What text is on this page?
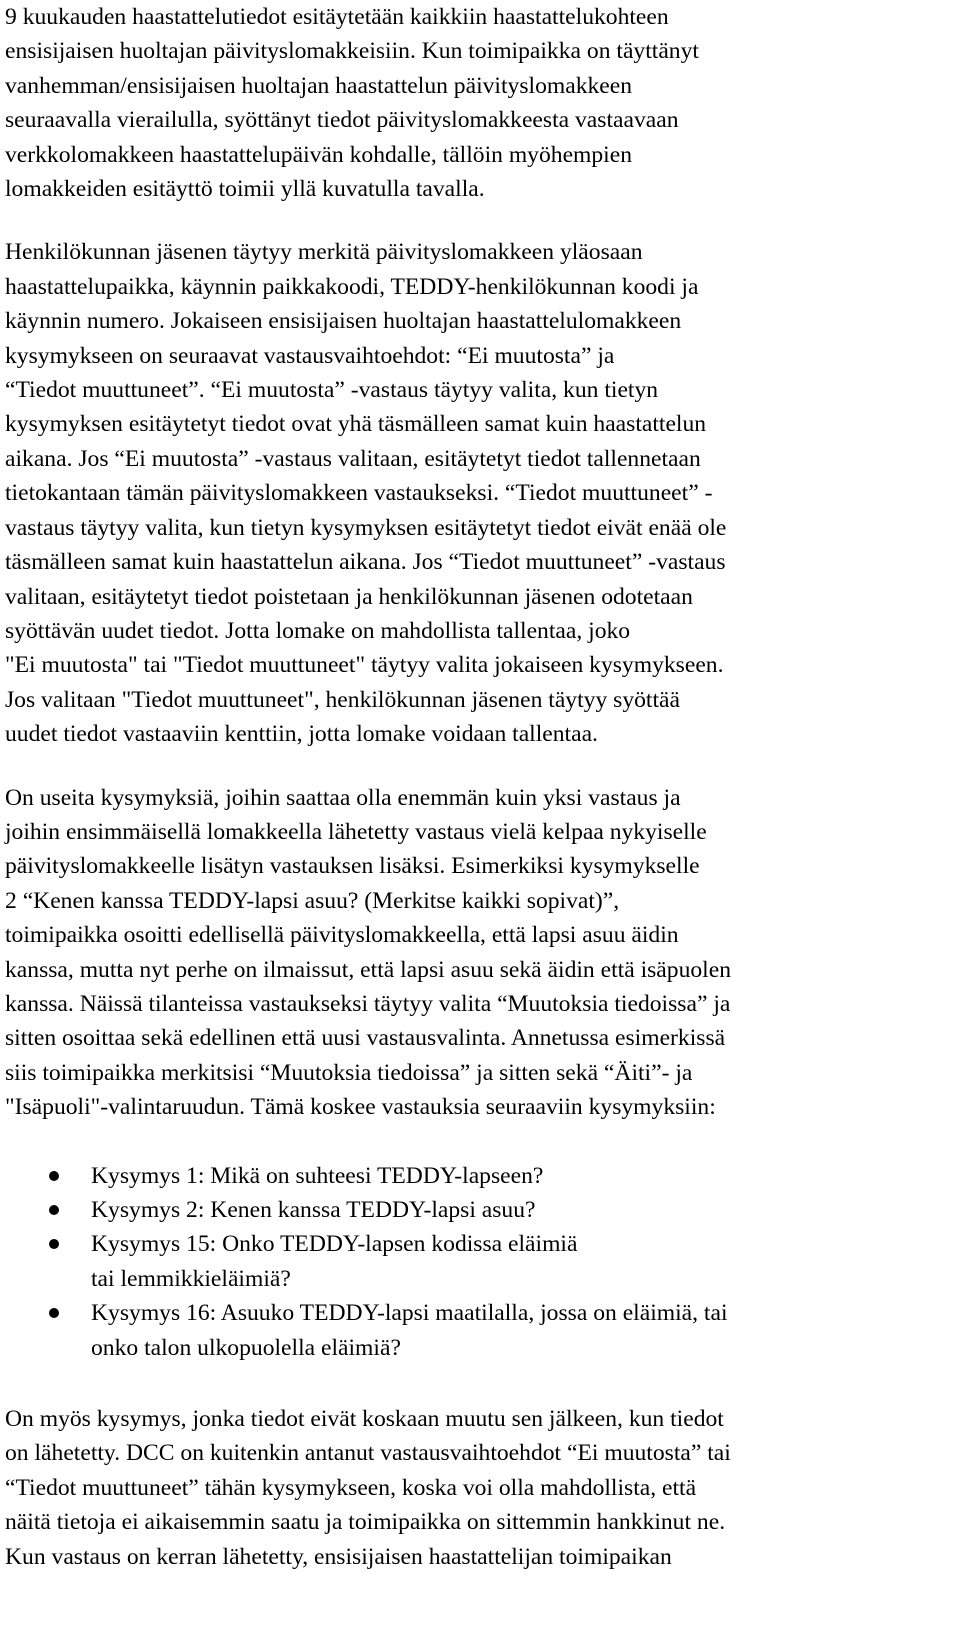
9 kuukauden haastattelutiedot esitäytetään kaikkiin haastattelukohteen
ensisijaisen huoltajan päivityslomakkeisiin. Kun toimipaikka on täyttänyt
vanhemman/ensisijaisen huoltajan haastattelun päivityslomakkeen
seuraavalla vierailulla, syöttänyt tiedot päivityslomakkeesta vastaavaan
verkkolomakkeen haastattelupäivän kohdalle, tällöin myöhempien
lomakkeiden esitäyttö toimii yllä kuvatulla tavalla.

Henkilökunnan jäsenen täytyy merkitä päivityslomakkeen yläosaan
haastattelupaikka, käynnin paikkakoodi, TEDDY-henkilökunnan koodi ja
käynnin numero. Jokaiseen ensisijaisen huoltajan haastattelulomakkeen
kysymykseen on seuraavat vastausvaihtoehdot: “Ei muutosta” ja
“Tiedot muuttuneet”. “Ei muutosta” -vastaus täytyy valita, kun tietyn
kysymyksen esitäytetyt tiedot ovat yhä täsmälleen samat kuin haastattelun
aikana. Jos “Ei muutosta” -vastaus valitaan, esitäytetyt tiedot tallennetaan
tietokantaan tämän päivityslomakkeen vastaukseksi. “Tiedot muuttuneet” -
vastaus täytyy valita, kun tietyn kysymyksen esitäytetyt tiedot eivät enää ole
täsmälleen samat kuin haastattelun aikana. Jos “Tiedot muuttuneet” -vastaus
valitaan, esitäytetyt tiedot poistetaan ja henkilökunnan jäsenen odotetaan
syöttävän uudet tiedot. Jotta lomake on mahdollista tallentaa, joko
"Ei muutosta" tai "Tiedot muuttuneet" täytyy valita jokaiseen kysymykseen.
Jos valitaan "Tiedot muuttuneet", henkilökunnan jäsenen täytyy syöttää
uudet tiedot vastaaviin kenttiin, jotta lomake voidaan tallentaa.

On useita kysymyksiä, joihin saattaa olla enemmän kuin yksi vastaus ja
joihin ensimmäisellä lomakkeella lähetetty vastaus vielä kelpaa nykyiselle
päivityslomakkeelle lisätyn vastauksen lisäksi. Esimerkiksi kysymykselle
2 “Kenen kanssa TEDDY-lapsi asuu? (Merkitse kaikki sopivat)”,
toimipaikka osoitti edellisellä päivityslomakkeella, että lapsi asuu äidin
kanssa, mutta nyt perhe on ilmaissut, että lapsi asuu sekä äidin että isäpuolen
kanssa. Näissä tilanteissa vastaukseksi täytyy valita “Muutoksia tiedoissa” ja
sitten osoittaa sekä edellinen että uusi vastausvalinta. Annetussa esimerkissä
siis toimipaikka merkitsisi “Muutoksia tiedoissa” ja sitten sekä “Äiti”- ja
"Isäpuoli"-valintaruudun. Tämä koskee vastauksia seuraaviin kysymyksiin:

Kysymys 1: Mikä on suhteesi TEDDY-lapseen?
Kysymys 2: Kenen kanssa TEDDY-lapsi asuu?
Kysymys 15: Onko TEDDY-lapsen kodissa eläimiä
tai lemmikkieläimiä?
Kysymys 16: Asuuko TEDDY-lapsi maatilalla, jossa on eläimiä, tai
onko talon ulkopuolella eläimiä?

On myös kysymys, jonka tiedot eivät koskaan muutu sen jälkeen, kun tiedot
on lähetetty. DCC on kuitenkin antanut vastausvaihtoehdot “Ei muutosta” tai
“Tiedot muuttuneet” tähän kysymykseen, koska voi olla mahdollista, että
näitä tietoja ei aikaisemmin saatu ja toimipaikka on sittemmin hankkinut ne.
Kun vastaus on kerran lähetetty, ensisijaisen haastattelijan toimipaikan
